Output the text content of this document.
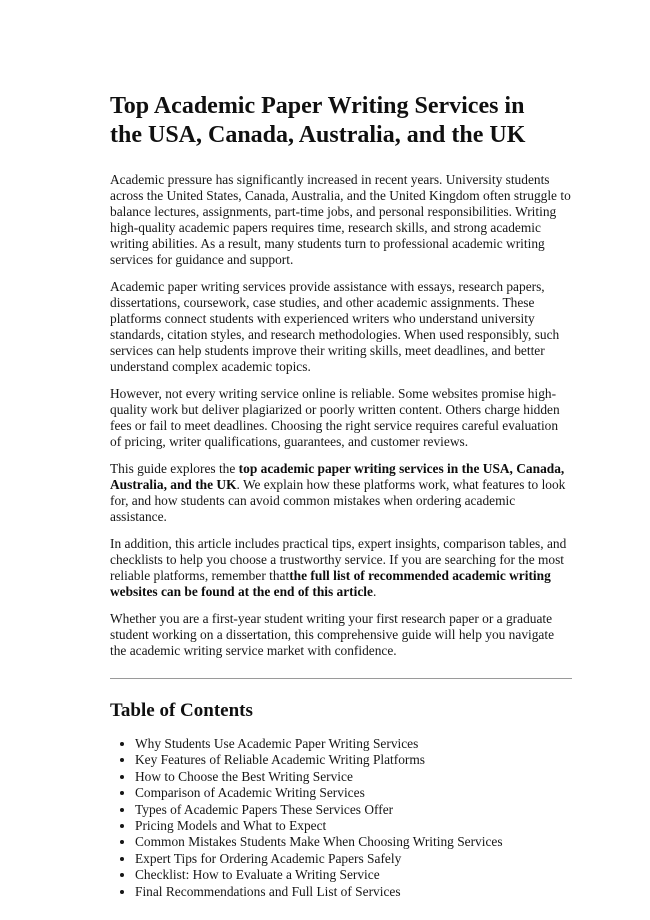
Top Academic Paper Writing Services in
the USA, Canada, Australia, and the UK

Academic pressure has significantly increased in recent years. University students across the United States, Canada, Australia, and the United Kingdom often struggle to balance lectures, assignments, part-time jobs, and personal responsibilities. Writing high-quality academic papers requires time, research skills, and strong academic writing abilities. As a result, many students turn to professional academic writing services for guidance and support.

Academic paper writing services provide assistance with essays, research papers, dissertations, coursework, case studies, and other academic assignments. These platforms connect students with experienced writers who understand university standards, citation styles, and research methodologies. When used responsibly, such services can help students improve their writing skills, meet deadlines, and better understand complex academic topics.

However, not every writing service online is reliable. Some websites promise high-quality work but deliver plagiarized or poorly written content. Others charge hidden fees or fail to meet deadlines. Choosing the right service requires careful evaluation of pricing, writer qualifications, guarantees, and customer reviews.

This guide explores the top academic paper writing services in the USA, Canada, Australia, and the UK. We explain how these platforms work, what features to look for, and how students can avoid common mistakes when ordering academic assistance.

In addition, this article includes practical tips, expert insights, comparison tables, and checklists to help you choose a trustworthy service. If you are searching for the most reliable platforms, remember thatthe full list of recommended academic writing websites can be found at the end of this article.

Whether you are a first-year student writing your first research paper or a graduate student working on a dissertation, this comprehensive guide will help you navigate the academic writing service market with confidence.

Table of Contents
• Why Students Use Academic Paper Writing Services
• Key Features of Reliable Academic Writing Platforms
• How to Choose the Best Writing Service
• Comparison of Academic Writing Services
• Types of Academic Papers These Services Offer
• Pricing Models and What to Expect
• Common Mistakes Students Make When Choosing Writing Services
• Expert Tips for Ordering Academic Papers Safely
• Checklist: How to Evaluate a Writing Service
• Final Recommendations and Full List of Services
